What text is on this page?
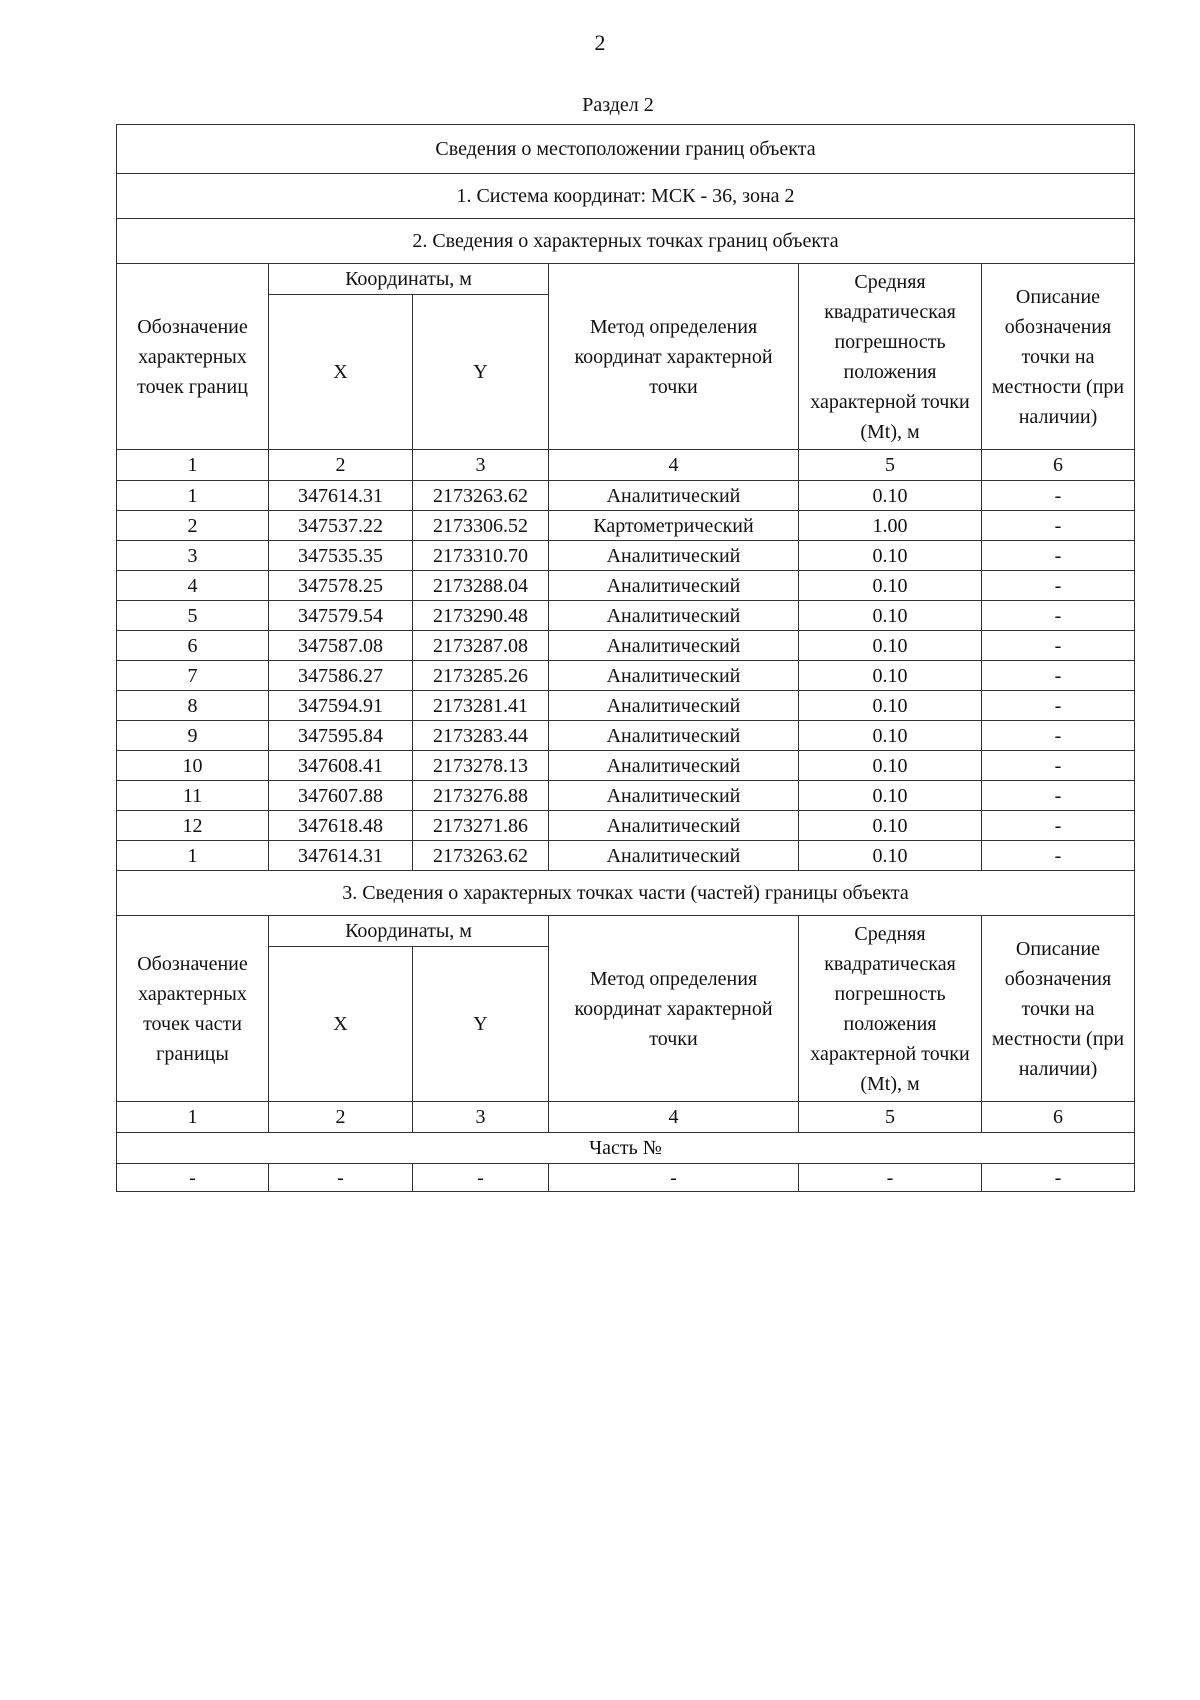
2
Раздел 2
Сведения о местоположении границ объекта					
1. Система координат: МСК - 36, зона 2					
2. Сведения о характерных точках границ объекта					
Обозначение характерных точек границ	Координаты, м		Метод определения координат характерной точки	Средняя квадратическая погрешность положения характерной точки (Mt), м	Описание обозначения точки на местности (при наличии)
	X	Y			
1	2	3	4	5	6
1	347614.31	2173263.62	Аналитический	0.10	-
2	347537.22	2173306.52	Картометрический	1.00	-
3	347535.35	2173310.70	Аналитический	0.10	-
4	347578.25	2173288.04	Аналитический	0.10	-
5	347579.54	2173290.48	Аналитический	0.10	-
6	347587.08	2173287.08	Аналитический	0.10	-
7	347586.27	2173285.26	Аналитический	0.10	-
8	347594.91	2173281.41	Аналитический	0.10	-
9	347595.84	2173283.44	Аналитический	0.10	-
10	347608.41	2173278.13	Аналитический	0.10	-
11	347607.88	2173276.88	Аналитический	0.10	-
12	347618.48	2173271.86	Аналитический	0.10	-
1	347614.31	2173263.62	Аналитический	0.10	-
3. Сведения о характерных точках части (частей) границы объекта					
Обозначение характерных точек части границы	Координаты, м		Метод определения координат характерной точки	Средняя квадратическая погрешность положения характерной точки (Mt), м	Описание обозначения точки на местности (при наличии)
	X	Y			
1	2	3	4	5	6
Часть №					
-	-	-	-	-	-
